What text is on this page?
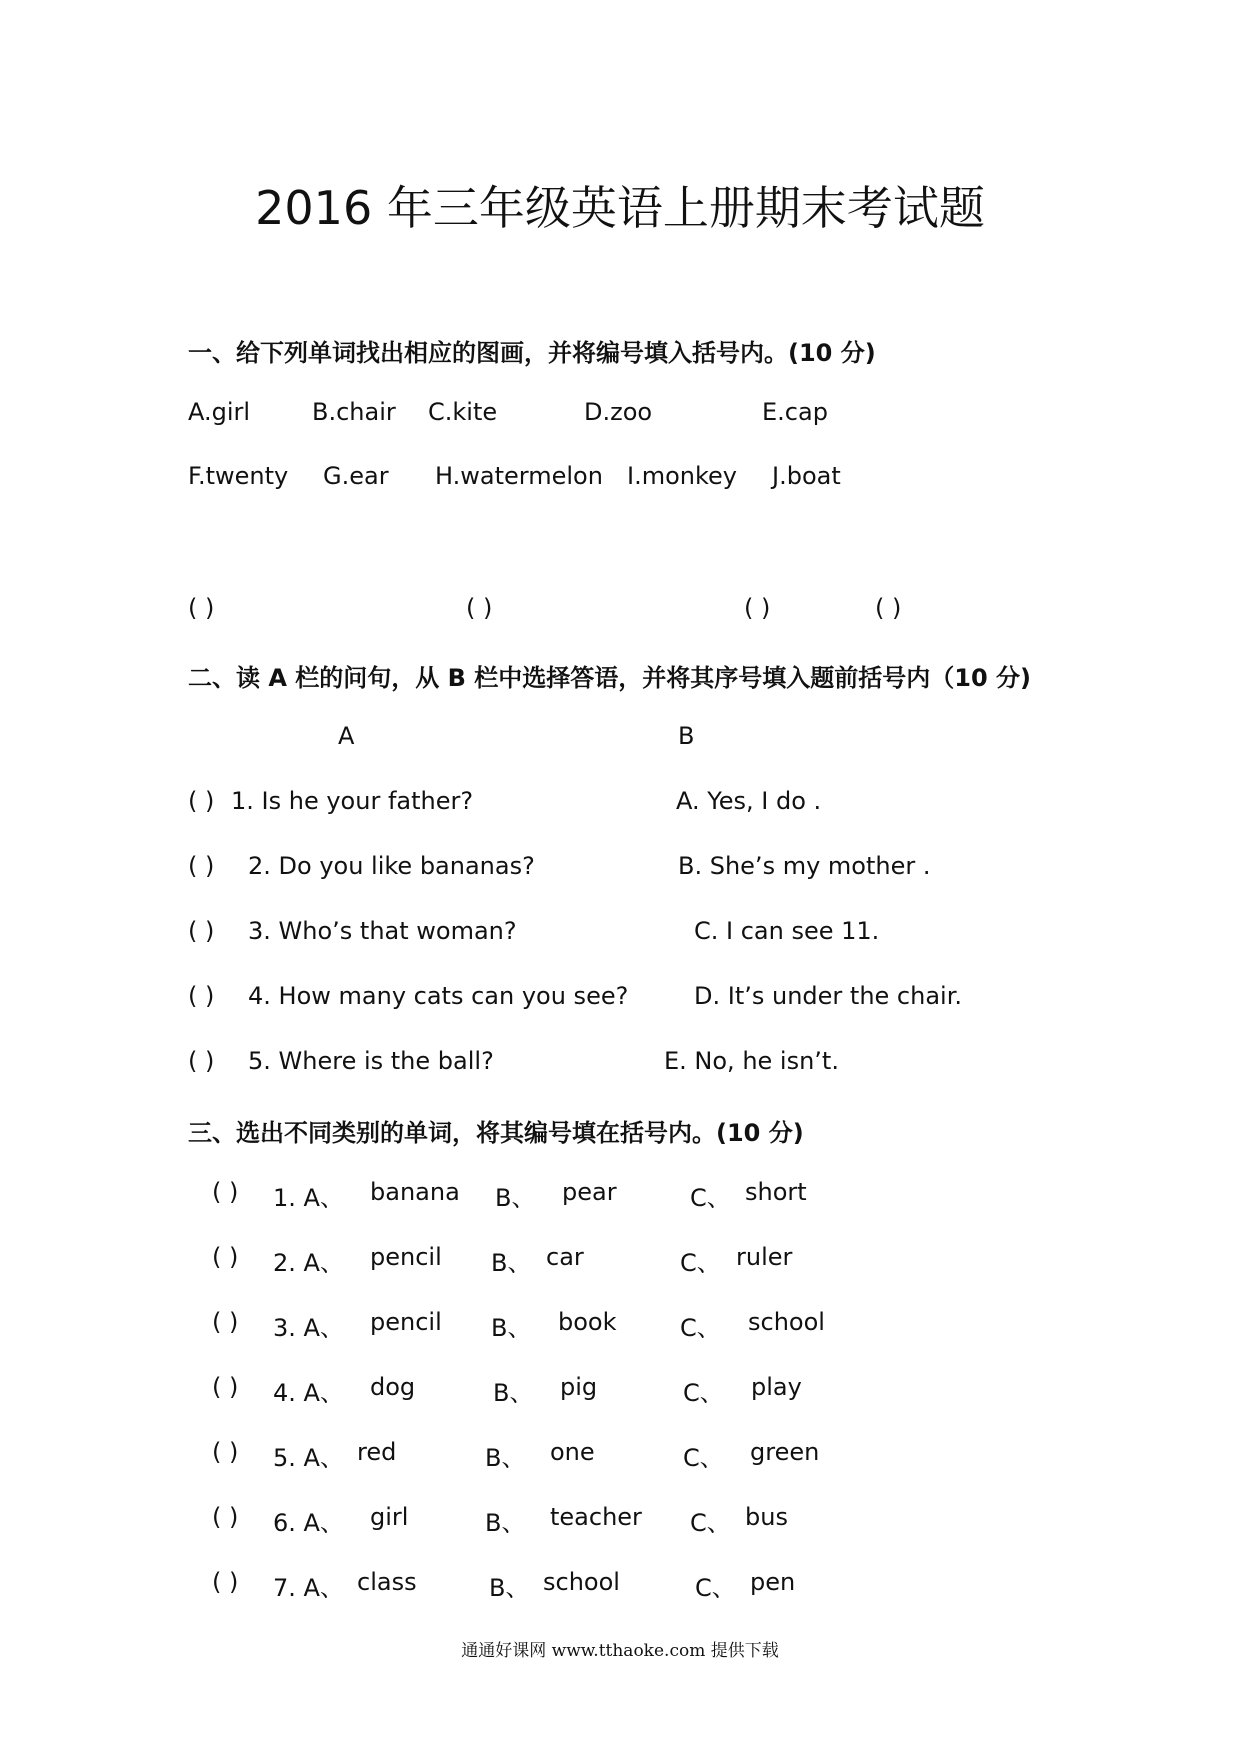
2016 年三年级英语上册期末考试题
一、给下列单词找出相应的图画，并将编号填入括号内。(10 分)
A.girl	B.chair C.kite	D.zoo	E.cap
F.twenty G.ear H.watermelon I.monkey J.boat
( )	( )	( )	( )
二、读 A 栏的问句，从 B 栏中选择答语，并将其序号填入题前括号内（10 分)
A	B
( ) 1. Is he your father?	A. Yes, I do .
( ) 2. Do you like bananas?	B. She’s my mother .
( ) 3. Who’s that woman?	C. I can see 11.
( ) 4. How many cats can you see?	D. It’s under the chair.
( ) 5. Where is the ball?	E. No, he isn’t.
三、选出不同类别的单词，将其编号填在括号内。(10 分)
( ) 1. A、 banana B、 pear	C、 short
( ) 2. A、 pencil B、 car	C、 ruler
( ) 3. A、 pencil B、 book	C、 school
( ) 4. A、 dog	B、 pig	C、 play
( ) 5. A、 red	B、 one	C、 green
( ) 6. A、 girl	B、 teacher C、 bus
( ) 7. A、 class	B、 school	C、 pen
通通好课网 www.tthaoke.com 提供下载
